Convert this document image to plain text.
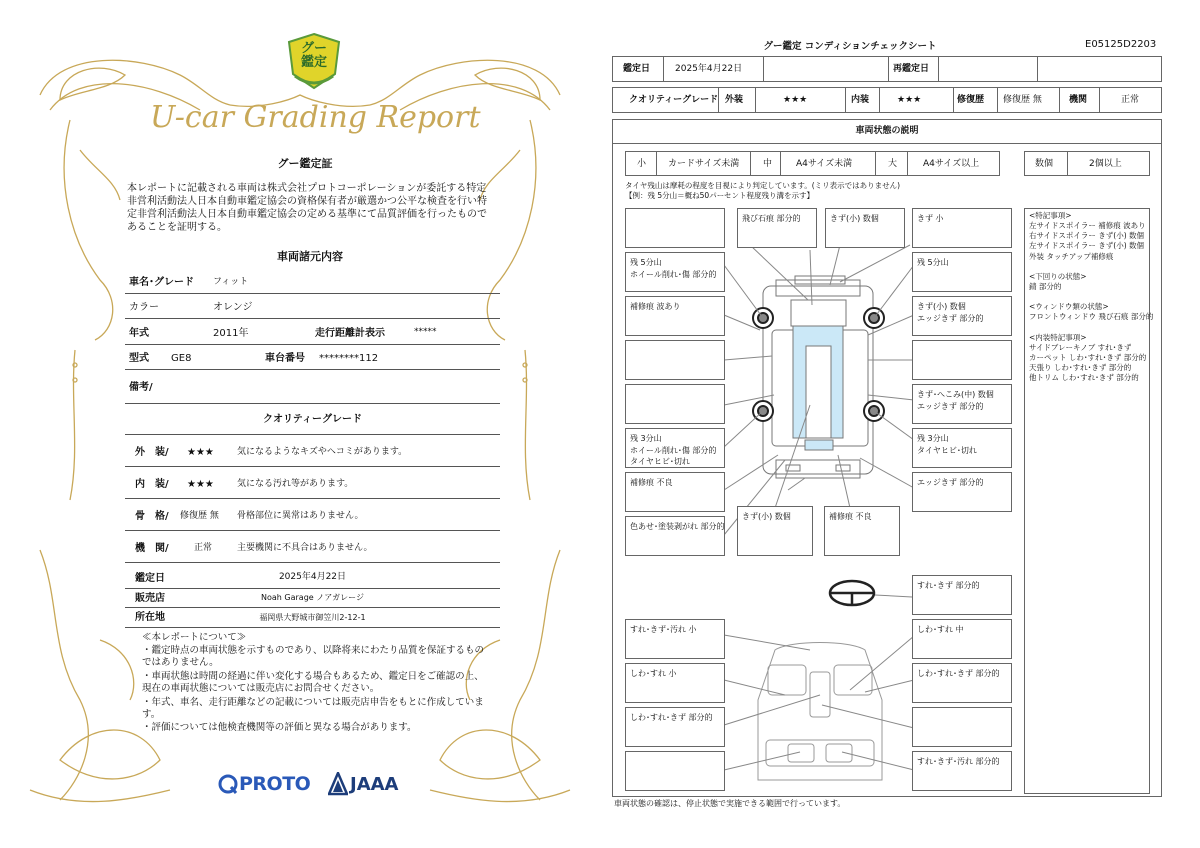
グー
鑑定
U-car Grading Report
グー鑑定証
本レポートに記載される車両は株式会社プロトコーポレーションが委託する特定非営利活動法人日本自動車鑑定協会の資格保有者が厳選かつ公平な検査を行い特定非営利活動法人日本自動車鑑定協会の定める基準にて品質評価を行ったものであることを証明する。
車両諸元内容
車名･グレード フィット
カラー	オレンジ
年式	2011年	走行距離計表示	*****
型式 GE8	車台番号 ********112
備考/
クオリティーグレード
外　装/ ★★★	気になるようなキズやヘコミがあります。
内　装/ ★★★	気になる汚れ等があります。
骨　格/ 修復歴 無 骨格部位に異常はありません。
機　関/	正常	主要機関に不具合はありません。
鑑定日	2025年4月22日
販売店	Noah Garage ノアガレージ
所在地	福岡県大野城市御笠川2-12-1
≪本レポートについて≫
・鑑定時点の車両状態を示すものであり、以降将来にわたり品質を保証するものではありません。
・車両状態は時間の経過に伴い変化する場合もあるため、鑑定日をご確認の上、現在の車両状態については販売店にお問合せください。
・年式、車名、走行距離などの記載については販売店申告をもとに作成しています。
・評価については他検査機関等の評価と異なる場合があります。
PROTO JAAA
グー鑑定 コンディションチェックシート	E05125D2203
鑑定日	2025年4月22日	再鑑定日
クオリティーグレード 外装	★★★	内装	★★★	修復歴 修復歴 無	機関	正常
車両状態の説明
小 カードサイズ未満	中	A4サイズ未満	大	A4サイズ以上	数個	2個以上
タイヤ残山は摩耗の程度を目視により判定しています。(ミリ表示ではありません)
【例：残 5分山＝概ね50パーセント程度残り溝を示す】
飛び石痕 部分的	きず(小) 数個	きず 小
残 5分山
ホイール削れ･傷 部分的
残 5分山
補修痕 波あり	きず(小) 数個
エッジきず 部分的
きず･へこみ(中) 数個
エッジきず 部分的
残 3分山
ホイール削れ･傷 部分的
タイヤヒビ･切れ
残 3分山
タイヤヒビ･切れ
補修痕 不良	エッジきず 部分的
色あせ･塗装剥がれ 部分的
きず(小) 数個	補修痕 不良
<特記事項>
左サイドスポイラー 補修痕 波あり
右サイドスポイラー きず(小) 数個
左サイドスポイラー きず(小) 数個
外装 タッチアップ補修痕

<下回りの状態>
錆 部分的

<ウィンドウ類の状態>
フロントウィンドウ 飛び石痕 部分的

<内装特記事項>
サイドブレーキノブ すれ･きず
カーペット しわ･すれ･きず 部分的
天張り しわ･すれ･きず 部分的
他トリム しわ･すれ･きず 部分的
すれ･きず 部分的
すれ･きず･汚れ 小	しわ･すれ 中
しわ･すれ 小	しわ･すれ･きず 部分的
しわ･すれ･きず 部分的
すれ･きず･汚れ 部分的
車両状態の確認は、停止状態で実施できる範囲で行っています。
